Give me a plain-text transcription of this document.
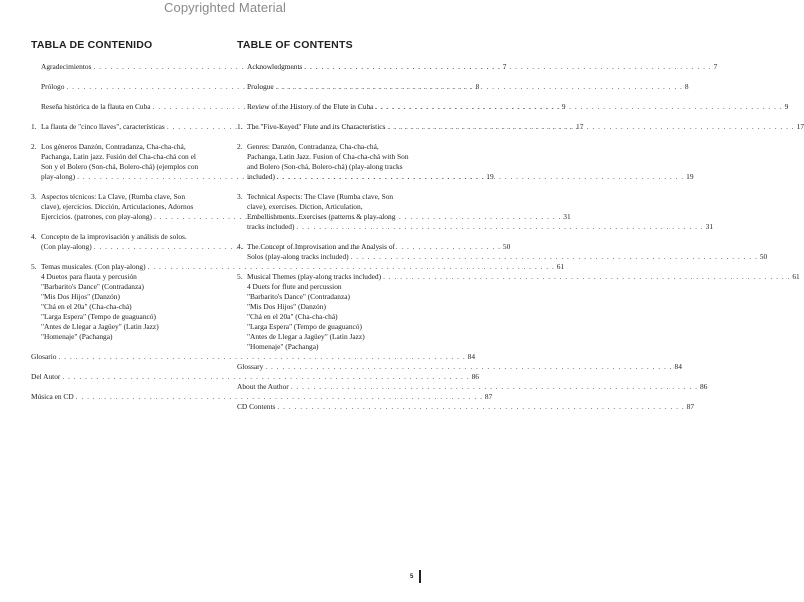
Copyrighted Material
TABLA DE CONTENIDO
Agradecimientos . . .	7
Prólogo . . .	8
Reseña histórica de la flauta en Cuba . . .	9
1. La flauta de "cinco llaves", características . . .	17
2. Los géneros Danzón, Contradanza, Cha-cha-chá,
Pachanga, Latin jazz. Fusión del Cha-cha-chá con el
Son y el Bolero (Son-chá, Bolero-chá) (ejemplos con
play-along) . . .	19
3. Aspectos técnicos: La Clave, (Rumba clave, Son
clave), ejercicios. Dicción, Articulaciones, Adornos
Ejercicios. (patrones, con play-along) . . .	31
4. Concepto de la improvisación y análisis de solos.
(Con play-along) . . .	50
5. Temas musicales. (Con play-along) . . .	61
4 Duetos para flauta y percusión
"Barbarito's Dance" (Contradanza)
"Mis Dos Hijos" (Danzón)
"Chá en el 20a" (Cha-cha-chá)
"Larga Espera" (Tempo de guaguancó)
"Antes de Llegar a Jagüey" (Latin Jazz)
"Homenaje" (Pachanga)
Glosario . . .	84
Del Autor . . .	86
Música en CD . . .	87
TABLE OF CONTENTS
Acknowledgments . . .	7
Prologue . . .	8
Review of the History of the Flute in Cuba . . .	9
1. The "Five-Keyed" Flute and its Characteristics . . .	17
2. Genres: Danzón, Contradanza, Cha-cha-chá,
Pachanga, Latin Jazz. Fusion of Cha-cha-chá with Son
and Bolero (Son-chá, Bolero-chá) (play-along tracks
included) . . .	19
3. Technical Aspects: The Clave (Rumba clave, Son
clave), exercises. Diction, Articulation,
Embellishments. Exercises (patterns & play-along
tracks included) . . .	31
4. The Concept of Improvisation and the Analysis of
Solos (play-along tracks included) . . .	50
5. Musical Themes (play-along tracks included) . . .	61
4 Duets for flute and percussion
"Barbarito's Dance" (Contradanza)
"Mis Dos Hijos" (Danzón)
"Chá en el 20a" (Cha-cha-chá)
"Larga Espera" (Tempo de guaguancó)
"Antes de Llegar a Jagüey" (Latin Jazz)
"Homenaje" (Pachanga)
Glossary . . .	84
About the Author . . .	86
CD Contents . . .	87
5
